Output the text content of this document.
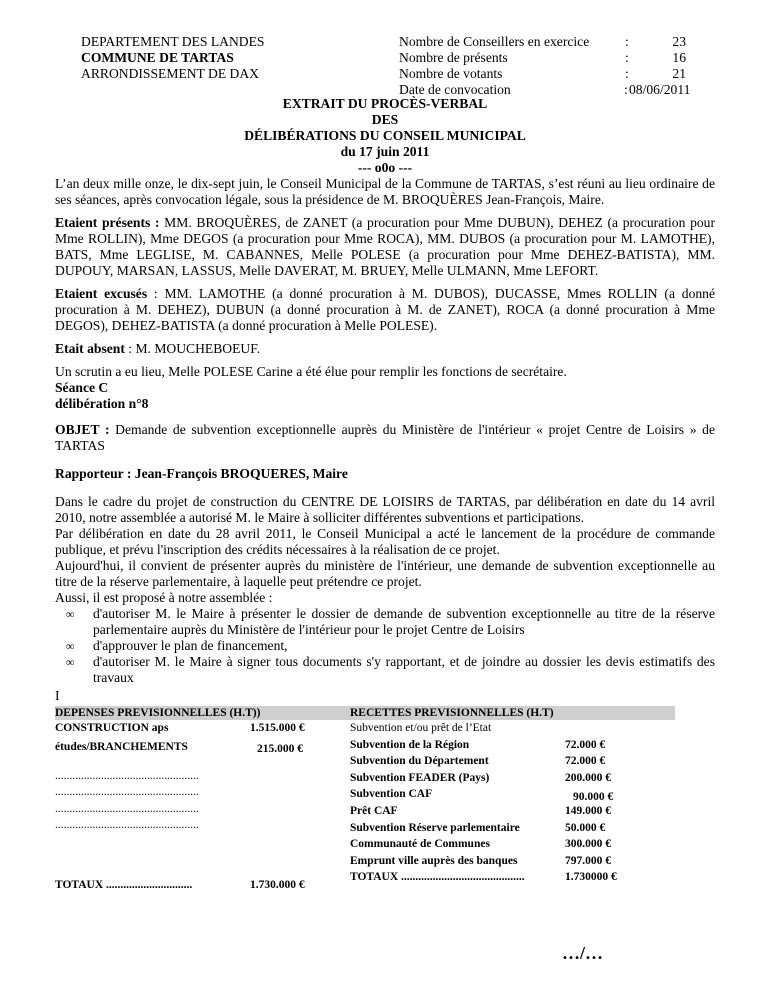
DEPARTEMENT DES LANDES
COMMUNE DE TARTAS
ARRONDISSEMENT DE DAX
Nombre de Conseillers en exercice	:	23
Nombre de présents	:	16
Nombre de votants	:	21
Date de convocation	: 08/06/2011
EXTRAIT DU PROCÈS-VERBAL
DES
DÉLIBÉRATIONS DU CONSEIL MUNICIPAL
du 17 juin 2011
--- o0o ---

L’an deux mille onze, le dix-sept juin, le Conseil Municipal de la Commune de TARTAS, s’est réuni au lieu ordinaire de ses séances, après convocation légale, sous la présidence de M. BROQUÈRES Jean-François, Maire.

Etaient présents : MM. BROQUÈRES, de ZANET (a procuration pour Mme DUBUN), DEHEZ (a procuration pour Mme ROLLIN), Mme DEGOS (a procuration pour Mme ROCA), MM. DUBOS (a procuration pour M. LAMOTHE), BATS, Mme LEGLISE, M. CABANNES, Melle POLESE (a procuration pour Mme DEHEZ-BATISTA), MM. DUPOUY, MARSAN, LASSUS, Melle DAVERAT, M. BRUEY, Melle ULMANN, Mme LEFORT.

Etaient excusés : MM. LAMOTHE (a donné procuration à M. DUBOS), DUCASSE, Mmes ROLLIN (a donné procuration à M. DEHEZ), DUBUN (a donné procuration à M. de ZANET), ROCA (a donné procuration à Mme DEGOS), DEHEZ-BATISTA (a donné procuration à Melle POLESE).

Etait absent : M. MOUCHEBOEUF.

Un scrutin a eu lieu, Melle POLESE Carine a été élue pour remplir les fonctions de secrétaire.

Séance C

délibération n°8

OBJET : Demande de subvention exceptionnelle auprès du Ministère de l'intérieur « projet Centre de Loisirs » de TARTAS

Rapporteur : Jean-François BROQUERES, Maire

Dans le cadre du projet de construction du CENTRE DE LOISIRS de TARTAS, par délibération en date du 14 avril 2010, notre assemblée a autorisé M. le Maire à solliciter différentes subventions et participations.

Par délibération en date du 28 avril 2011, le Conseil Municipal a acté le lancement de la procédure de commande publique, et prévu l'inscription des crédits nécessaires à la réalisation de ce projet.

Aujourd'hui, il convient de présenter auprès du ministère de l'intérieur, une demande de subvention exceptionnelle au titre de la réserve parlementaire, à laquelle peut prétendre ce projet.

Aussi, il est proposé à notre assemblée :

∞ d'autoriser M. le Maire à présenter le dossier de demande de subvention exceptionnelle au titre de la réserve parlementaire auprès du Ministère de l'intérieur pour le projet Centre de Loisirs
∞ d'approuver le plan de financement,
∞ d'autoriser M. le Maire à signer tous documents s'y rapportant, et de joindre au dossier les devis estimatifs des travaux

I

DEPENSES PREVISIONNELLES (H.T))	RECETTES PREVISIONNELLES (H.T)
CONSTRUCTION aps	1.515.000 €
études/BRANCHEMENTS	215.000 €
..................................................
..................................................
..................................................
..................................................
TOTAUX ..............................	1.730.000 €
Subvention et/ou prêt de l’Etat
Subvention de la Région	72.000 €
Subvention du Département	72.000 €
Subvention FEADER (Pays)	200.000 €
Subvention CAF	90.000 €
Prêt CAF	149.000 €
Subvention Réserve parlementaire	50.000 €
Communauté de Communes	300.000 €
Emprunt ville auprès des banques	797.000 €
TOTAUX ...........................................	1.730000 €
…/…
